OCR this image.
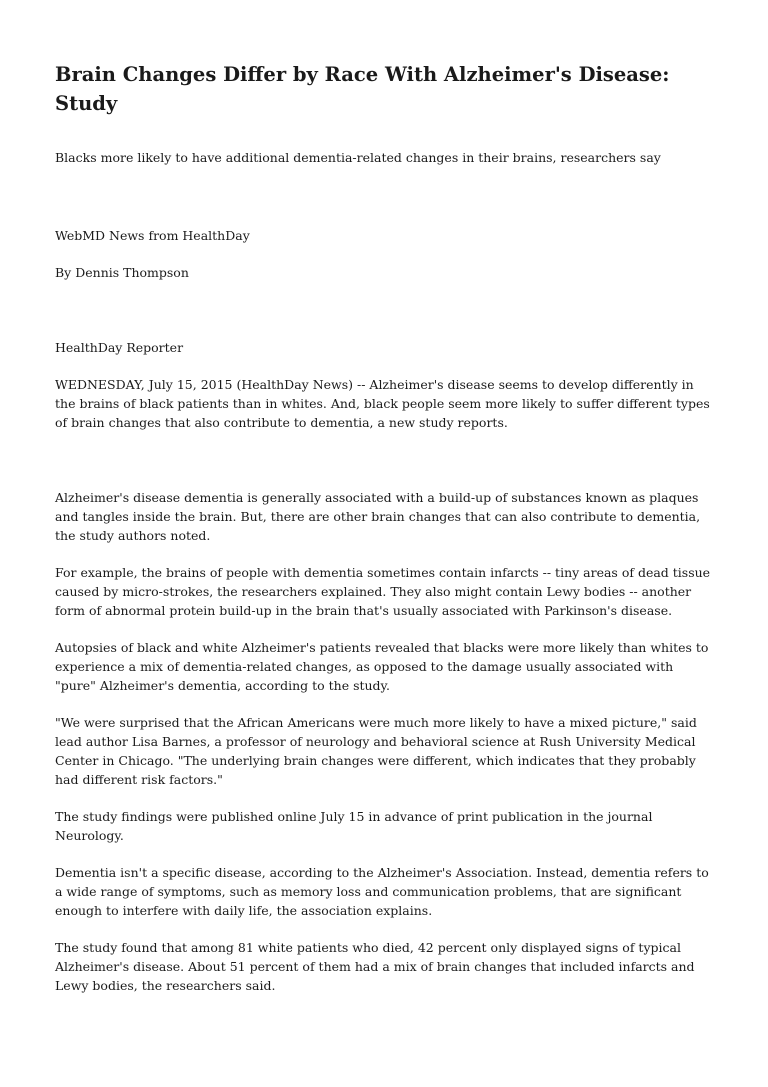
Brain Changes Differ by Race With Alzheimer's Disease: Study

Blacks more likely to have additional dementia-related changes in their brains, researchers say

WebMD News from HealthDay

By Dennis Thompson

HealthDay Reporter 

WEDNESDAY, July 15, 2015 (HealthDay News) -- Alzheimer's disease seems to develop differently in the brains of black patients than in whites. And, black people seem more likely to suffer different types of brain changes that also contribute to dementia, a new study reports.

Alzheimer's disease dementia is generally associated with a build-up of substances known as plaques and tangles inside the brain. But, there are other brain changes that can also contribute to dementia, the study authors noted.

For example, the brains of people with dementia sometimes contain infarcts -- tiny areas of dead tissue caused by micro-strokes, the researchers explained. They also might contain Lewy bodies -- another form of abnormal protein build-up in the brain that's usually associated with Parkinson's disease.

Autopsies of black and white Alzheimer's patients revealed that blacks were more likely than whites to experience a mix of dementia-related changes, as opposed to the damage usually associated with "pure" Alzheimer's dementia, according to the study.

"We were surprised that the African Americans were much more likely to have a mixed picture," said lead author Lisa Barnes, a professor of neurology and behavioral science at Rush University Medical Center in Chicago. "The underlying brain changes were different, which indicates that they probably had different risk factors."

The study findings were published online July 15 in advance of print publication in the journal Neurology.

Dementia isn't a specific disease, according to the Alzheimer's Association. Instead, dementia refers to a wide range of symptoms, such as memory loss and communication problems, that are significant enough to interfere with daily life, the association explains.

The study found that among 81 white patients who died, 42 percent only displayed signs of typical Alzheimer's disease. About 51 percent of them had a mix of brain changes that included infarcts and Lewy bodies, the researchers said.
